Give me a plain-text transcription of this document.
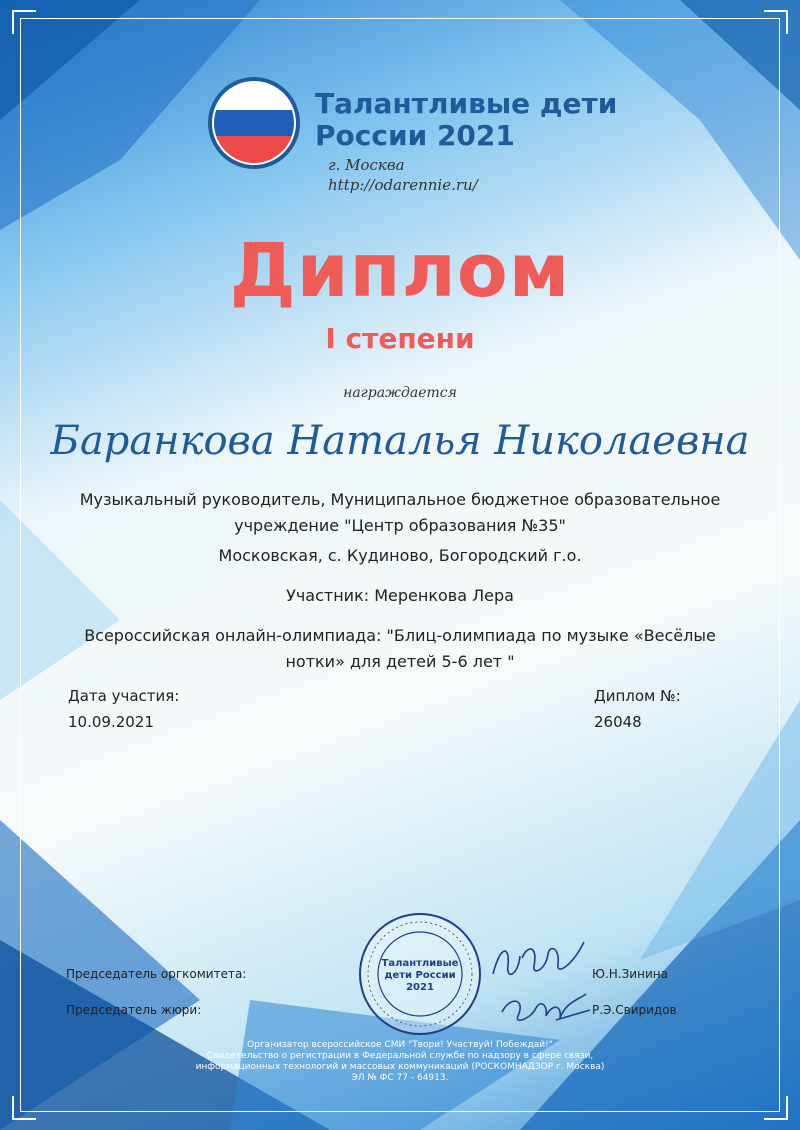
Талантливые дети
России 2021
г. Москва
http://odarennie.ru/
Диплом
I степени
награждается
Баранкова Наталья Николаевна
Музыкальный руководитель, Муниципальное бюджетное образовательное
учреждение "Центр образования №35"
Московская, с. Кудиново, Богородский г.о.
Участник: Меренкова Лера
Всероссийская онлайн-олимпиада: "Блиц-олимпиада по музыке «Весёлые
нотки» для детей 5-6 лет "
Дата участия:
10.09.2021
Диплом №:
26048
Председатель оргкомитета:
Председатель жюри:
Ю.Н.Зинина
Р.Э.Свиридов
Талантливые
дети России
2021
Организатор всероссийское СМИ "Твори! Участвуй! Побеждай!"
Свидетельство о регистрации в Федеральной службе по надзору в сфере связи,
информационных технологий и массовых коммуникаций (РОСКОМНАДЗОР г. Москва)
ЭЛ № ФС 77 - 64913.
